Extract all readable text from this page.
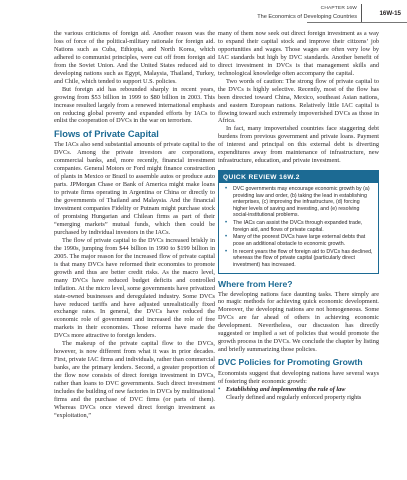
CHAPTER 16W
The Economics of Developing Countries	16W-15

the various criticisms of foreign aid. Another reason was the loss of force of the political-military rationale for foreign aid. Nations such as Cuba, Ethiopia, and North Korea, which adhered to communist principles, were cut off from foreign aid from the Soviet Union. And the United States reduced aid to developing nations such as Egypt, Malaysia, Thailand, Turkey, and Chile, which tended to support U.S. policies.

But foreign aid has rebounded sharply in recent years, growing from $53 billion in 1999 to $80 billion in 2003. This increase resulted largely from a renewed international emphasis on reducing global poverty and expanded efforts by IACs to enlist the cooperation of DVCs in the war on terrorism.

Flows of Private Capital

The IACs also send substantial amounts of private capital to the DVCs. Among the private investors are corporations, commercial banks, and, more recently, financial investment companies. General Motors or Ford might finance construction of plants in Mexico or Brazil to assemble autos or produce auto parts. JPMorgan Chase or Bank of America might make loans to private firms operating in Argentina or China or directly to the governments of Thailand and Malaysia. And the financial investment companies Fidelity or Putnam might purchase stock of promising Hungarian and Chilean firms as part of their “emerging markets” mutual funds, which then could be purchased by individual investors in the IACs.

The flow of private capital to the DVCs increased briskly in the 1990s, jumping from $44 billion in 1990 to $199 billion in 2005. The major reason for the increased flow of private capital is that many DVCs have reformed their economies to promote growth and thus are better credit risks. As the macro level, many DVCs have reduced budget deficits and controlled inflation. At the micro level, some governments have privatized state-owned businesses and deregulated industry. Some DVCs have reduced tariffs and have adjusted unrealistically fixed exchange rates. In general, the DVCs have reduced the economic role of government and increased the role of free markets in their economies. Those reforms have made the DVCs more attractive to foreign lenders.

The makeup of the private capital flow to the DVCs, however, is now different from what it was in prior decades. First, private IAC firms and individuals, rather than commercial banks, are the primary lenders. Second, a greater proportion of the flow now consists of direct foreign investment in DVCs, rather than loans to DVC governments. Such direct investment includes the building of new factories in DVCs by multinational firms and the purchase of DVC firms (or parts of them). Whereas DVCs once viewed direct foreign investment as “exploitation,”

many of them now seek out direct foreign investment as a way to expand their capital stock and improve their citizens’ job opportunities and wages. Those wages are often very low by IAC standards but high by DVC standards. Another benefit of direct investment in DVCs is that management skills and technological knowledge often accompany the capital.

Two words of caution: The strong flow of private capital to the DVCs is highly selective. Recently, most of the flow has been directed toward China, Mexico, southeast Asian nations, and eastern European nations. Relatively little IAC capital is flowing toward such extremely impoverished DVCs as those in Africa.

In fact, many impoverished countries face staggering debt burdens from previous government and private loans. Payment of interest and principal on this external debt is diverting expenditures away from maintenance of infrastructure, new infrastructure, education, and private investment.

QUICK REVIEW 16W.2
• DVC governments may encourage economic growth by (a) providing law and order, (b) taking the lead in establishing enterprises, (c) improving the infrastructure, (d) forcing higher levels of saving and investing, and (e) resolving social-institutional problems.
• The IACs can assist the DVCs through expanded trade, foreign aid, and flows of private capital.
• Many of the poorest DVCs have large external debts that pose an additional obstacle to economic growth.
• In recent years the flow of foreign aid to DVCs has declined, whereas the flow of private capital (particularly direct investment) has increased.
Where from Here?

The developing nations face daunting tasks. There simply are no magic methods for achieving quick economic development. Moreover, the developing nations are not homogeneous. Some DVCs are far ahead of others in achieving economic development. Nevertheless, our discussion has directly suggested or implied a set of policies that would promote the growth process in the DVCs. We conclude the chapter by listing and briefly summarizing those policies.

DVC Policies for Promoting Growth

Economists suggest that developing nations have several ways of fostering their economic growth:

• Establishing and implementing the rule of law
Clearly defined and regularly enforced property rights
